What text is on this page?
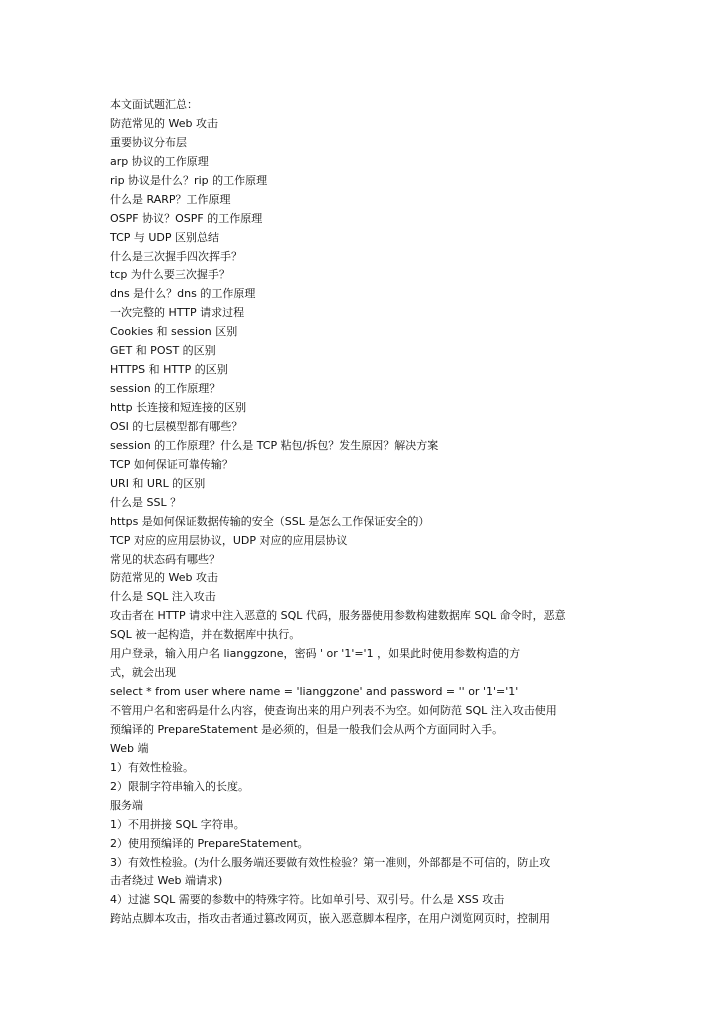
本文面试题汇总：
防范常见的 Web 攻击
重要协议分布层
arp 协议的工作原理
rip 协议是什么？rip 的工作原理
什么是 RARP？工作原理
OSPF 协议？OSPF 的工作原理
TCP 与 UDP 区别总结
什么是三次握手四次挥手？
tcp 为什么要三次握手？
dns 是什么？dns 的工作原理
一次完整的 HTTP 请求过程
Cookies 和 session 区别
GET 和 POST 的区别
HTTPS 和 HTTP 的区别
session 的工作原理？
http 长连接和短连接的区别
OSI 的七层模型都有哪些？
session 的工作原理？什么是 TCP 粘包/拆包？发生原因？解决方案
TCP 如何保证可靠传输？
URI 和 URL 的区别
什么是 SSL ？
https 是如何保证数据传输的安全（SSL 是怎么工作保证安全的）
TCP 对应的应用层协议，UDP 对应的应用层协议
常见的状态码有哪些？
防范常见的 Web 攻击
什么是 SQL 注入攻击
攻击者在 HTTP 请求中注入恶意的 SQL 代码，服务器使用参数构建数据库 SQL 命令时，恶意
SQL 被一起构造，并在数据库中执行。
用户登录，输入用户名 lianggzone，密码 ' or '1'='1 ，如果此时使用参数构造的方
式，就会出现
select * from user where name = 'lianggzone' and password = '' or '1'='1'
不管用户名和密码是什么内容，使查询出来的用户列表不为空。如何防范 SQL 注入攻击使用
预编译的 PrepareStatement 是必须的，但是一般我们会从两个方面同时入手。
Web 端
1）有效性检验。
2）限制字符串输入的长度。
服务端
1）不用拼接 SQL 字符串。
2）使用预编译的 PrepareStatement。
3）有效性检验。(为什么服务端还要做有效性检验？第一准则，外部都是不可信的，防止攻
击者绕过 Web 端请求)
4）过滤 SQL 需要的参数中的特殊字符。比如单引号、双引号。什么是 XSS 攻击
跨站点脚本攻击，指攻击者通过篡改网页，嵌入恶意脚本程序，在用户浏览网页时，控制用
